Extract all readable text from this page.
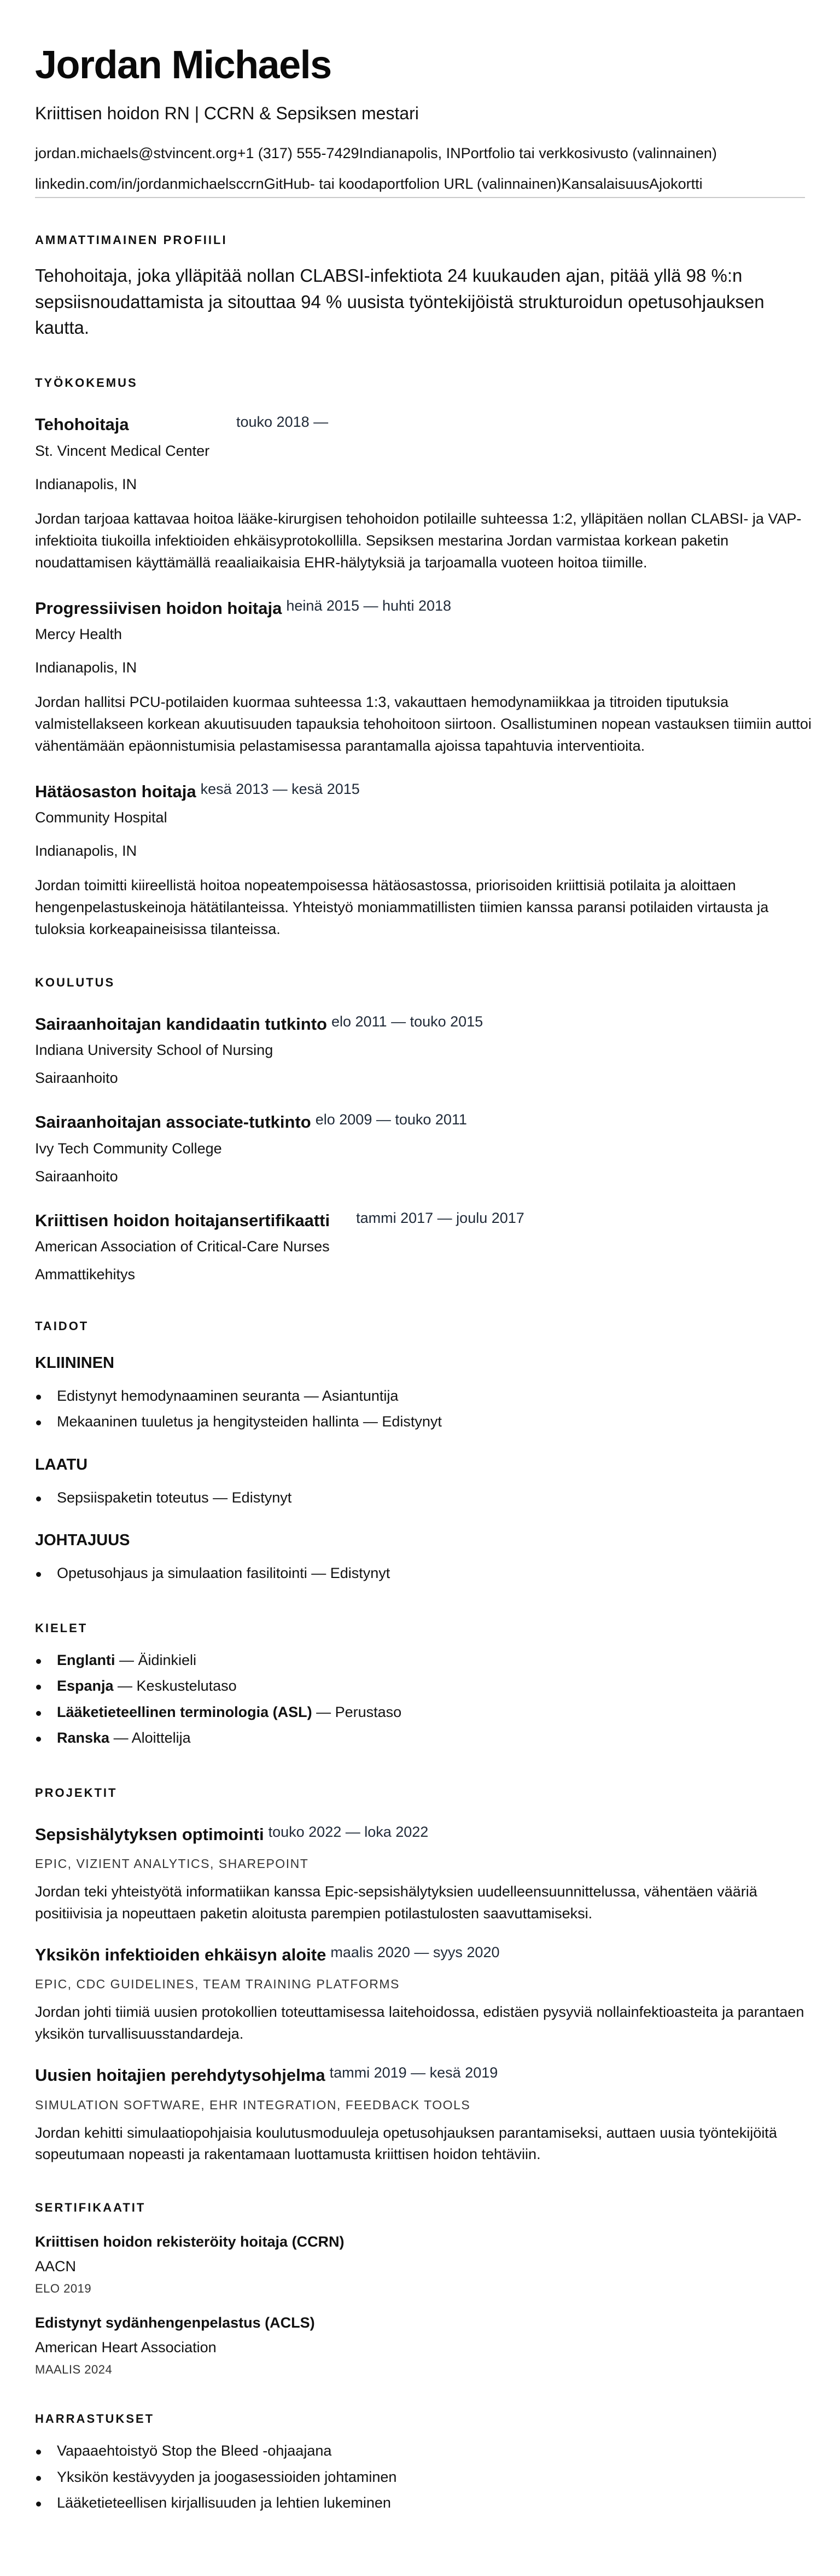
Jordan Michaels
Kriittisen hoidon RN | CCRN & Sepsiksen mestari
jordan.michaels@stvincent.org+1 (317) 555-7429Indianapolis, INPortfolio tai verkkosivusto (valinnainen)
linkedin.com/in/jordanmichaelsccrnGitHub- tai koodaportfolion URL (valinnainen)KansalaisuusAjokortti
AMMATTIMAINEN PROFIILI

Tehohoitaja, joka ylläpitää nollan CLABSI-infektiota 24 kuukauden ajan, pitää yllä 98 %:n sepsiisnoudattamista ja sitouttaa 94 % uusista työntekijöistä strukturoidun opetusohjauksen kautta.

TYÖKOKEMUS
Tehohoitaja	touko 2018 —
St. Vincent Medical Center
Indianapolis, IN

Jordan tarjoaa kattavaa hoitoa lääke-kirurgisen tehohoidon potilaille suhteessa 1:2, ylläpitäen nollan CLABSI- ja VAP-infektioita tiukoilla infektioiden ehkäisyprotokollilla. Sepsiksen mestarina Jordan varmistaa korkean paketin noudattamisen käyttämällä reaaliaikaisia EHR-hälytyksiä ja tarjoamalla vuoteen hoitoa tiimille.

Progressiivisen hoidon hoitaja heinä 2015 — huhti 2018
Mercy Health
Indianapolis, IN

Jordan hallitsi PCU-potilaiden kuormaa suhteessa 1:3, vakauttaen hemodynamiikkaa ja titroiden tiputuksia valmistellakseen korkean akuutisuuden tapauksia tehohoitoon siirtoon. Osallistuminen nopean vastauksen tiimiin auttoi vähentämään epäonnistumisia pelastamisessa parantamalla ajoissa tapahtuvia interventioita.

Hätäosaston hoitaja kesä 2013 — kesä 2015
Community Hospital
Indianapolis, IN

Jordan toimitti kiireellistä hoitoa nopeatempoisessa hätäosastossa, priorisoiden kriittisiä potilaita ja aloittaen hengenpelastuskeinoja hätätilanteissa. Yhteistyö moniammatillisten tiimien kanssa paransi potilaiden virtausta ja tuloksia korkeapaineisissa tilanteissa.

KOULUTUS
Sairaanhoitajan kandidaatin tutkinto elo 2011 — touko 2015
Indiana University School of Nursing
Sairaanhoito
Sairaanhoitajan associate-tutkinto elo 2009 — touko 2011
Ivy Tech Community College
Sairaanhoito
Kriittisen hoidon hoitajansertifikaatti tammi 2017 — joulu 2017
American Association of Critical-Care Nurses
Ammattikehitys
TAIDOT
KLIININEN
Edistynyt hemodynaaminen seuranta — Asiantuntija
Mekaaninen tuuletus ja hengitysteiden hallinta — Edistynyt
LAATU
Sepsiispaketin toteutus — Edistynyt
JOHTAJUUS
Opetusohjaus ja simulaation fasilitointi — Edistynyt
KIELET
Englanti — Äidinkieli
Espanja — Keskustelutaso
Lääketieteellinen terminologia (ASL) — Perustaso
Ranska — Aloittelija
PROJEKTIT
Sepsishälytyksen optimointi touko 2022 — loka 2022
EPIC, VIZIENT ANALYTICS, SHAREPOINT

Jordan teki yhteistyötä informatiikan kanssa Epic-sepsishälytyksien uudelleensuunnittelussa, vähentäen vääriä positiivisia ja nopeuttaen paketin aloitusta parempien potilastulosten saavuttamiseksi.

Yksikön infektioiden ehkäisyn aloite maalis 2020 — syys 2020
EPIC, CDC GUIDELINES, TEAM TRAINING PLATFORMS

Jordan johti tiimiä uusien protokollien toteuttamisessa laitehoidossa, edistäen pysyviä nollainfektioasteita ja parantaen yksikön turvallisuusstandardeja.

Uusien hoitajien perehdytysohjelma tammi 2019 — kesä 2019
SIMULATION SOFTWARE, EHR INTEGRATION, FEEDBACK TOOLS

Jordan kehitti simulaatiopohjaisia koulutusmoduuleja opetusohjauksen parantamiseksi, auttaen uusia työntekijöitä sopeutumaan nopeasti ja rakentamaan luottamusta kriittisen hoidon tehtäviin.

SERTIFIKAATIT
Kriittisen hoidon rekisteröity hoitaja (CCRN)
AACN
ELO 2019
Edistynyt sydänhengenpelastus (ACLS)
American Heart Association
MAALIS 2024
HARRASTUKSET
Vapaaehtoistyö Stop the Bleed -ohjaajana
Yksikön kestävyyden ja joogasessioiden johtaminen
Lääketieteellisen kirjallisuuden ja lehtien lukeminen
